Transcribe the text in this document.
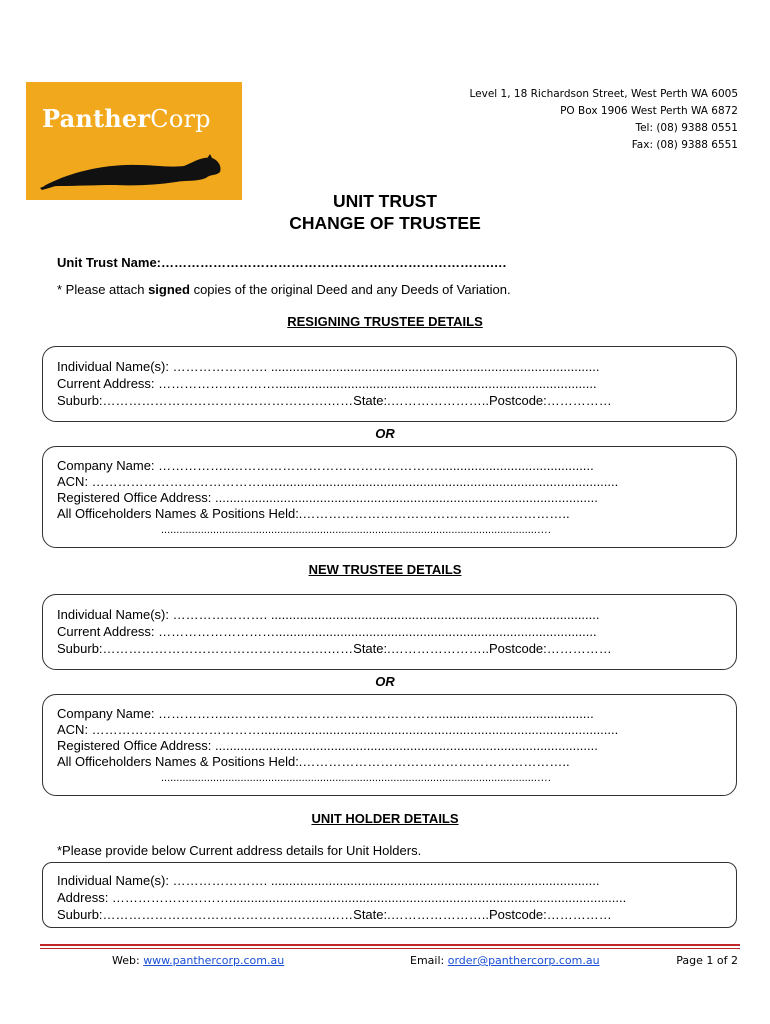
PantherCorp
Level 1, 18 Richardson Street, West Perth WA 6005
PO Box 1906 West Perth WA 6872
Tel: (08) 9388 0551
Fax: (08) 9388 6551
UNIT TRUST
CHANGE OF TRUSTEE
Unit Trust Name:………………………………………………………………….….
* Please attach signed copies of the original Deed and any Deeds of Variation.
RESIGNING TRUSTEE DETAILS
Individual Name(s): …………………. ...........................................................................................
Current Address: ……………………….........................................................................................
Suburb:…………………………………………….……State:.…………………..Postcode:……………
OR
Company Name: ……………..…………………………………………...........................................
ACN: …………………………………...................................................................................................
Registered Office Address: ..........................................................................................................
All Officeholders Names & Positions Held:.……………………………………………………..
...........................................................................................................................….
NEW TRUSTEE DETAILS
Individual Name(s): …………………. ...........................................................................................
Current Address: ……………………….........................................................................................
Suburb:…………………………………………….……State:.…………………..Postcode:……………
OR
Company Name: ……………..…………………………………………...........................................
ACN: …………………………………...................................................................................................
Registered Office Address: ..........................................................................................................
All Officeholders Names & Positions Held:.……………………………………………………..
...........................................................................................................................….
UNIT HOLDER DETAILS
*Please provide below Current address details for Unit Holders.
Individual Name(s): …………………. ...........................................................................................
Address: ………………………..............................................................................................................
Suburb:…………………………………………….……State:.…………………..Postcode:……………
Web: www.panthercorp.com.au	Email: order@panthercorp.com.au	Page 1 of 2
